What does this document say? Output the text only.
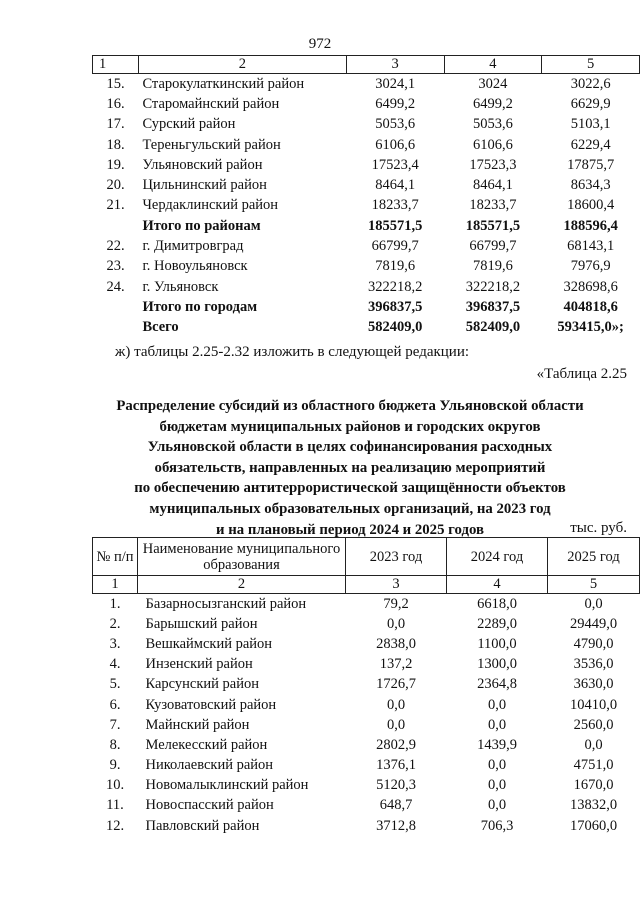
972
1	2	3	4	5
15.	Старокулаткинский район	3024,1	3024	3022,6
16.	Старомайнский район	6499,2	6499,2	6629,9
17.	Сурский район	5053,6	5053,6	5103,1
18.	Тереньгульский район	6106,6	6106,6	6229,4
19.	Ульяновский район	17523,4	17523,3	17875,7
20.	Цильнинский район	8464,1	8464,1	8634,3
21.	Чердаклинский район	18233,7	18233,7	18600,4
	Итого по районам	185571,5	185571,5	188596,4
22.	г. Димитровград	66799,7	66799,7	68143,1
23.	г. Новоульяновск	7819,6	7819,6	7976,9
24.	г. Ульяновск	322218,2	322218,2	328698,6
	Итого по городам	396837,5	396837,5	404818,6
	Всего	582409,0	582409,0	593415,0»;
ж) таблицы 2.25-2.32 изложить в следующей редакции:
«Таблица 2.25
Распределение субсидий из областного бюджета Ульяновской области
бюджетам муниципальных районов и городских округов
Ульяновской области в целях софинансирования расходных
обязательств, направленных на реализацию мероприятий
по обеспечению антитеррористической защищённости объектов
муниципальных образовательных организаций, на 2023 год
и на плановый период 2024 и 2025 годов	тыс. руб.
№ п/п	Наименование муниципального образования	2023 год	2024 год	2025 год
1	2	3	4	5
1.	Базарносызганский район	79,2	6618,0	0,0
2.	Барышский район	0,0	2289,0	29449,0
3.	Вешкаймский район	2838,0	1100,0	4790,0
4.	Инзенский район	137,2	1300,0	3536,0
5.	Карсунский район	1726,7	2364,8	3630,0
6.	Кузоватовский район	0,0	0,0	10410,0
7.	Майнский район	0,0	0,0	2560,0
8.	Мелекесский район	2802,9	1439,9	0,0
9.	Николаевский район	1376,1	0,0	4751,0
10.	Новомалыклинский район	5120,3	0,0	1670,0
11.	Новоспасский район	648,7	0,0	13832,0
12.	Павловский район	3712,8	706,3	17060,0
